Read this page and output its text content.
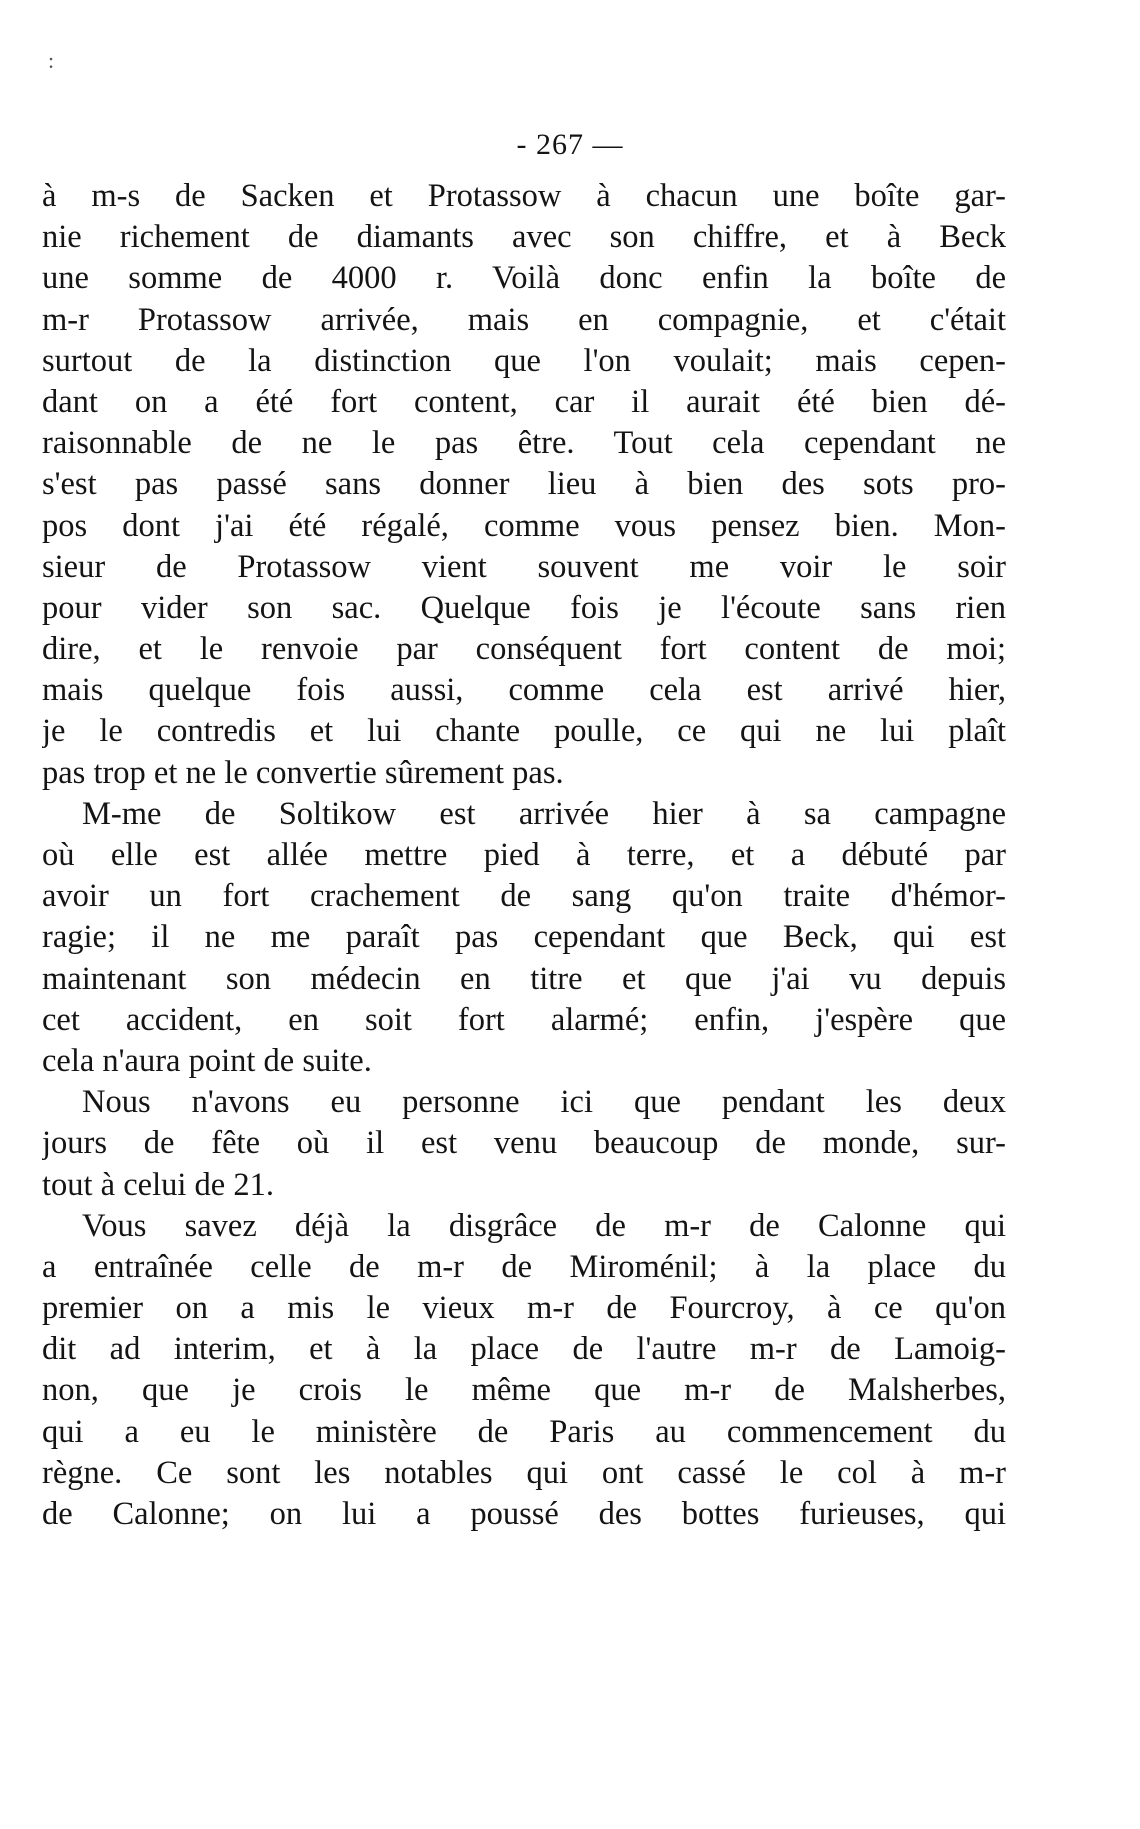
:
- 267 —
à m-s de Sacken et Protassow à chacun une boîte gar-
nie richement de diamants avec son chiffre, et à Beck
une somme de 4000 r. Voilà donc enfin la boîte de
m-r Protassow arrivée, mais en compagnie, et c'était
surtout de la distinction que l'on voulait; mais cepen-
dant on a été fort content, car il aurait été bien dé-
raisonnable de ne le pas être. Tout cela cependant ne
s'est pas passé sans donner lieu à bien des sots pro-
pos dont j'ai été régalé, comme vous pensez bien. Mon-
sieur de Protassow vient souvent me voir le soir
pour vider son sac. Quelque fois je l'écoute sans rien
dire, et le renvoie par conséquent fort content de moi;
mais quelque fois aussi, comme cela est arrivé hier,
je le contredis et lui chante poulle, ce qui ne lui plaît
pas trop et ne le convertie sûrement pas.
M-me de Soltikow est arrivée hier à sa campagne
où elle est allée mettre pied à terre, et a débuté par
avoir un fort crachement de sang qu'on traite d'hémor-
ragie; il ne me paraît pas cependant que Beck, qui est
maintenant son médecin en titre et que j'ai vu depuis
cet accident, en soit fort alarmé; enfin, j'espère que
cela n'aura point de suite.
Nous n'avons eu personne ici que pendant les deux
jours de fête où il est venu beaucoup de monde, sur-
tout à celui de 21.
Vous savez déjà la disgrâce de m-r de Calonne qui
a entraînée celle de m-r de Miroménil; à la place du
premier on a mis le vieux m-r de Fourcroy, à ce qu'on
dit ad interim, et à la place de l'autre m-r de Lamoig-
non, que je crois le même que m-r de Malsherbes,
qui a eu le ministère de Paris au commencement du
règne. Ce sont les notables qui ont cassé le col à m-r
de Calonne; on lui a poussé des bottes furieuses, qui
